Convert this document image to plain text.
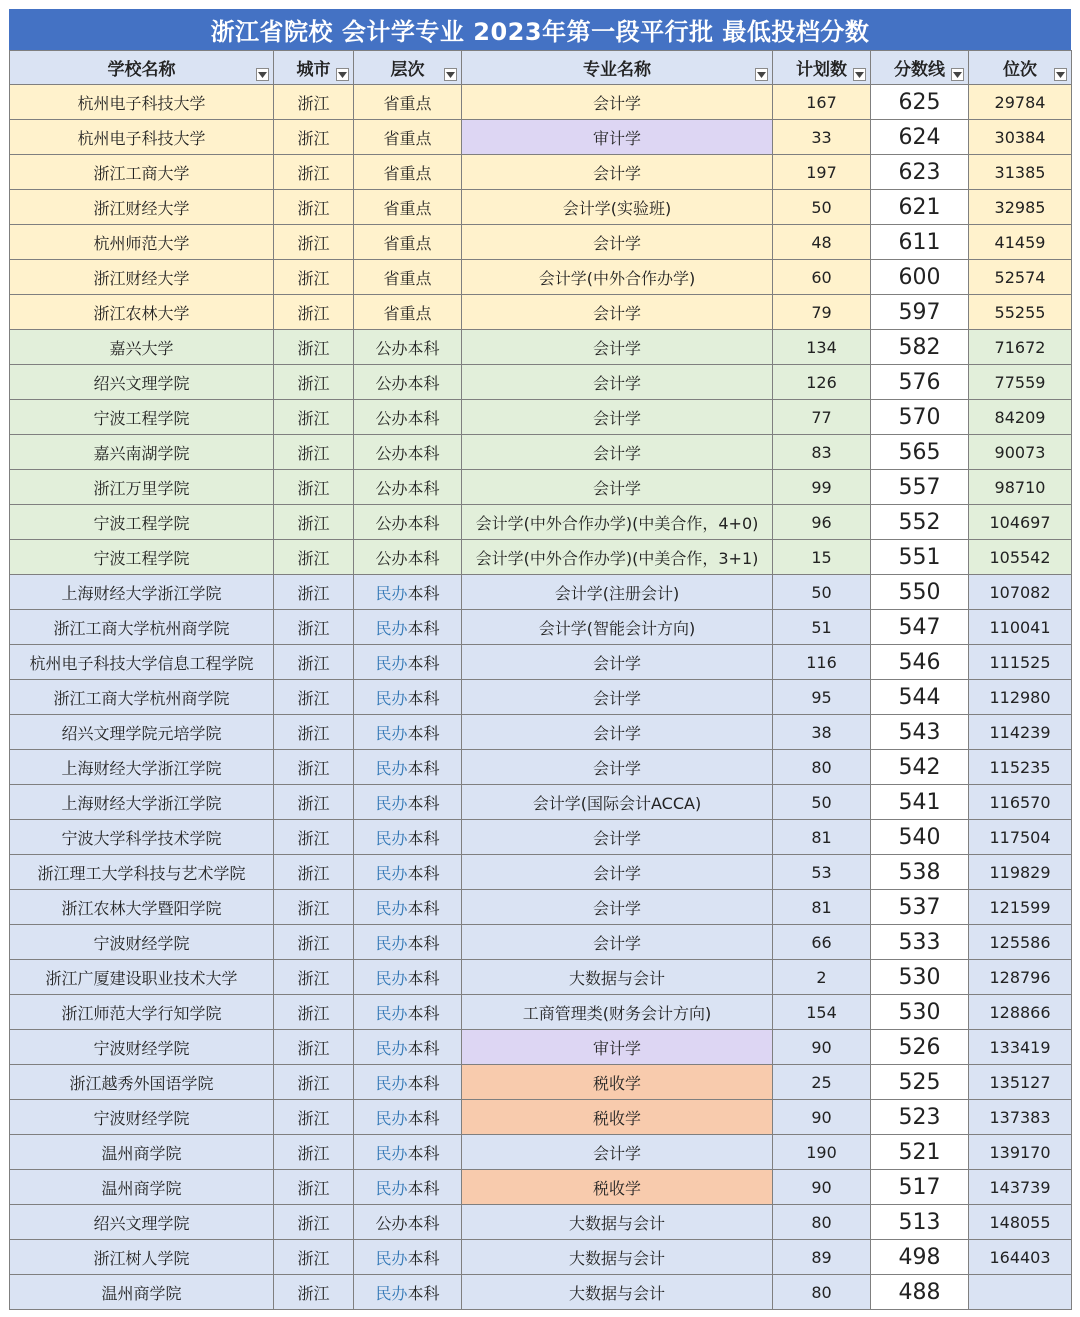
浙江省院校 会计学专业 2023年第一段平行批 最低投档分数
学校名称	城市	层次	专业名称	计划数	分数线	位次

杭州电子科技大学	浙江	省重点	会计学	167	625	29784
杭州电子科技大学	浙江	省重点	审计学	33	624	30384
浙江工商大学	浙江	省重点	会计学	197	623	31385
浙江财经大学	浙江	省重点	会计学(实验班)	50	621	32985
杭州师范大学	浙江	省重点	会计学	48	611	41459
浙江财经大学	浙江	省重点	会计学(中外合作办学)	60	600	52574
浙江农林大学	浙江	省重点	会计学	79	597	55255
嘉兴大学	浙江	公办本科	会计学	134	582	71672
绍兴文理学院	浙江	公办本科	会计学	126	576	77559
宁波工程学院	浙江	公办本科	会计学	77	570	84209
嘉兴南湖学院	浙江	公办本科	会计学	83	565	90073
浙江万里学院	浙江	公办本科	会计学	99	557	98710
宁波工程学院	浙江	公办本科	会计学(中外合作办学)(中美合作，4+0)	96	552	104697
宁波工程学院	浙江	公办本科	会计学(中外合作办学)(中美合作，3+1)	15	551	105542
上海财经大学浙江学院	浙江	民办本科	会计学(注册会计)	50	550	107082
浙江工商大学杭州商学院	浙江	民办本科	会计学(智能会计方向)	51	547	110041
杭州电子科技大学信息工程学院	浙江	民办本科	会计学	116	546	111525
浙江工商大学杭州商学院	浙江	民办本科	会计学	95	544	112980
绍兴文理学院元培学院	浙江	民办本科	会计学	38	543	114239
上海财经大学浙江学院	浙江	民办本科	会计学	80	542	115235
上海财经大学浙江学院	浙江	民办本科	会计学(国际会计ACCA)	50	541	116570
宁波大学科学技术学院	浙江	民办本科	会计学	81	540	117504
浙江理工大学科技与艺术学院	浙江	民办本科	会计学	53	538	119829
浙江农林大学暨阳学院	浙江	民办本科	会计学	81	537	121599
宁波财经学院	浙江	民办本科	会计学	66	533	125586
浙江广厦建设职业技术大学	浙江	民办本科	大数据与会计	2	530	128796
浙江师范大学行知学院	浙江	民办本科	工商管理类(财务会计方向)	154	530	128866
宁波财经学院	浙江	民办本科	审计学	90	526	133419
浙江越秀外国语学院	浙江	民办本科	税收学	25	525	135127
宁波财经学院	浙江	民办本科	税收学	90	523	137383
温州商学院	浙江	民办本科	会计学	190	521	139170
温州商学院	浙江	民办本科	税收学	90	517	143739
绍兴文理学院	浙江	公办本科	大数据与会计	80	513	148055
浙江树人学院	浙江	民办本科	大数据与会计	89	498	164403
温州商学院	浙江	民办本科	大数据与会计	80	488	
